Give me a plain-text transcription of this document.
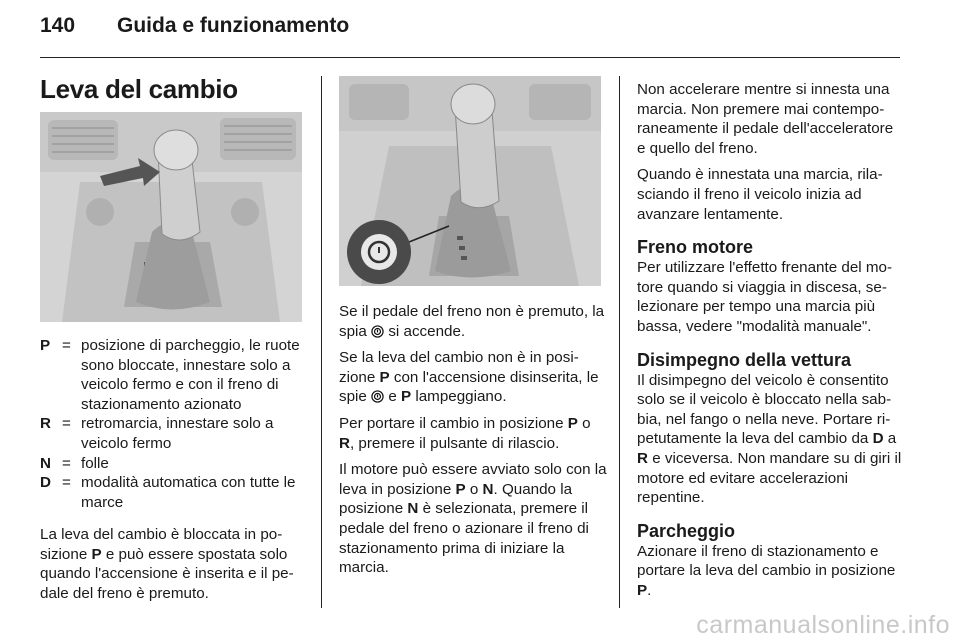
140 Guida e funzionamento
Leva del cambio
P = posizione di parcheggio, le ruote sono bloccate, innestare solo a veicolo fermo e con il freno di stazionamento azionato
R = retromarcia, innestare solo a veicolo fermo
N = folle
D = modalità automatica con tutte le marce

La leva del cambio è bloccata in posizione P e può essere spostata solo quando l'accensione è inserita e il pedale del freno è premuto.

Se il pedale del freno non è premuto, la spia  si accende.

Se la leva del cambio non è in posizione P con l'accensione disinserita, le spie  e P lampeggiano.

Per portare il cambio in posizione P o R, premere il pulsante di rilascio.

Il motore può essere avviato solo con la leva in posizione P o N. Quando la posizione N è selezionata, premere il pedale del freno o azionare il freno di stazionamento prima di iniziare la marcia.

Non accelerare mentre si innesta una marcia. Non premere mai contemporaneamente il pedale dell'acceleratore e quello del freno.

Quando è innestata una marcia, rilasciando il freno il veicolo inizia ad avanzare lentamente.

Freno motore

Per utilizzare l'effetto frenante del motore quando si viaggia in discesa, selezionare per tempo una marcia più bassa, vedere "modalità manuale".

Disimpegno della vettura

Il disimpegno del veicolo è consentito solo se il veicolo è bloccato nella sabbia, nel fango o nella neve. Portare ripetutamente la leva del cambio da D a R e viceversa. Non mandare su di giri il motore ed evitare accelerazioni repentine.

Parcheggio

Azionare il freno di stazionamento e portare la leva del cambio in posizione P.

carmanualsonline.info
